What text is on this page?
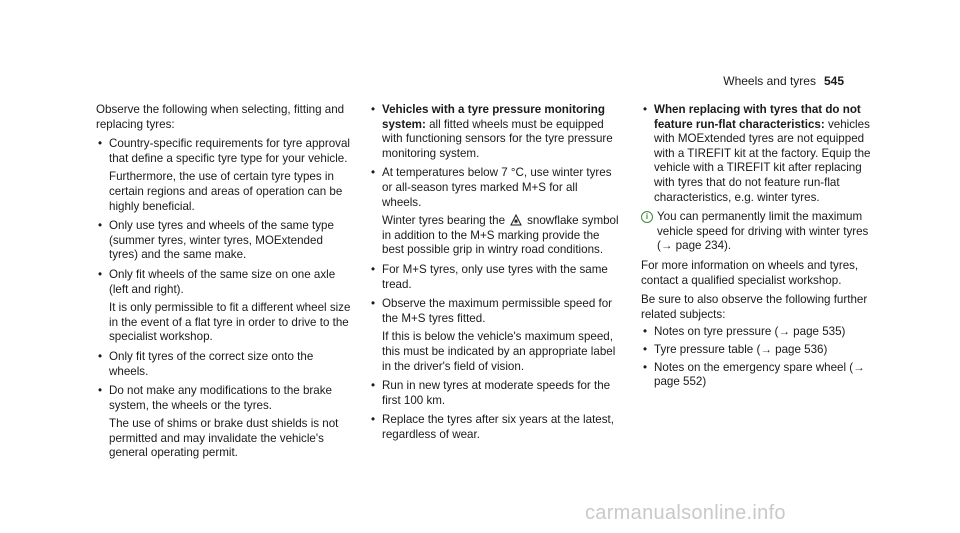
Wheels and tyres 545

Observe the following when selecting, fitting and replacing tyres:

• Country-specific requirements for tyre approval that define a specific tyre type for your vehicle.

Furthermore, the use of certain tyre types in certain regions and areas of operation can be highly beneficial.

• Only use tyres and wheels of the same type (summer tyres, winter tyres, MOExtended tyres) and the same make.
• Only fit wheels of the same size on one axle (left and right).

It is only permissible to fit a different wheel size in the event of a flat tyre in order to drive to the specialist workshop.

• Only fit tyres of the correct size onto the wheels.
• Do not make any modifications to the brake system, the wheels or the tyres.

The use of shims or brake dust shields is not permitted and may invalidate the vehicle's general operating permit.

• Vehicles with a tyre pressure monitoring system: all fitted wheels must be equipped with functioning sensors for the tyre pressure monitoring system.
• At temperatures below 7 °C, use winter tyres or all-season tyres marked M+S for all wheels.

Winter tyres bearing the snowflake symbol in addition to the M+S marking provide the best possible grip in wintry road conditions.

• For M+S tyres, only use tyres with the same tread.
• Observe the maximum permissible speed for the M+S tyres fitted.

If this is below the vehicle's maximum speed, this must be indicated by an appropriate label in the driver's field of vision.

• Run in new tyres at moderate speeds for the first 100 km.
• Replace the tyres after six years at the latest, regardless of wear.
• When replacing with tyres that do not feature run-flat characteristics: vehicles with MOExtended tyres are not equipped with a TIREFIT kit at the factory. Equip the vehicle with a TIREFIT kit after replacing with tyres that do not feature run-flat characteristics, e.g. winter tyres.
i You can permanently limit the maximum vehicle speed for driving with winter tyres (→ page 234).

For more information on wheels and tyres, contact a qualified specialist workshop.

Be sure to also observe the following further related subjects:

• Notes on tyre pressure (→ page 535)
• Tyre pressure table (→ page 536)
• Notes on the emergency spare wheel (→ page 552)
carmanualsonline.info
